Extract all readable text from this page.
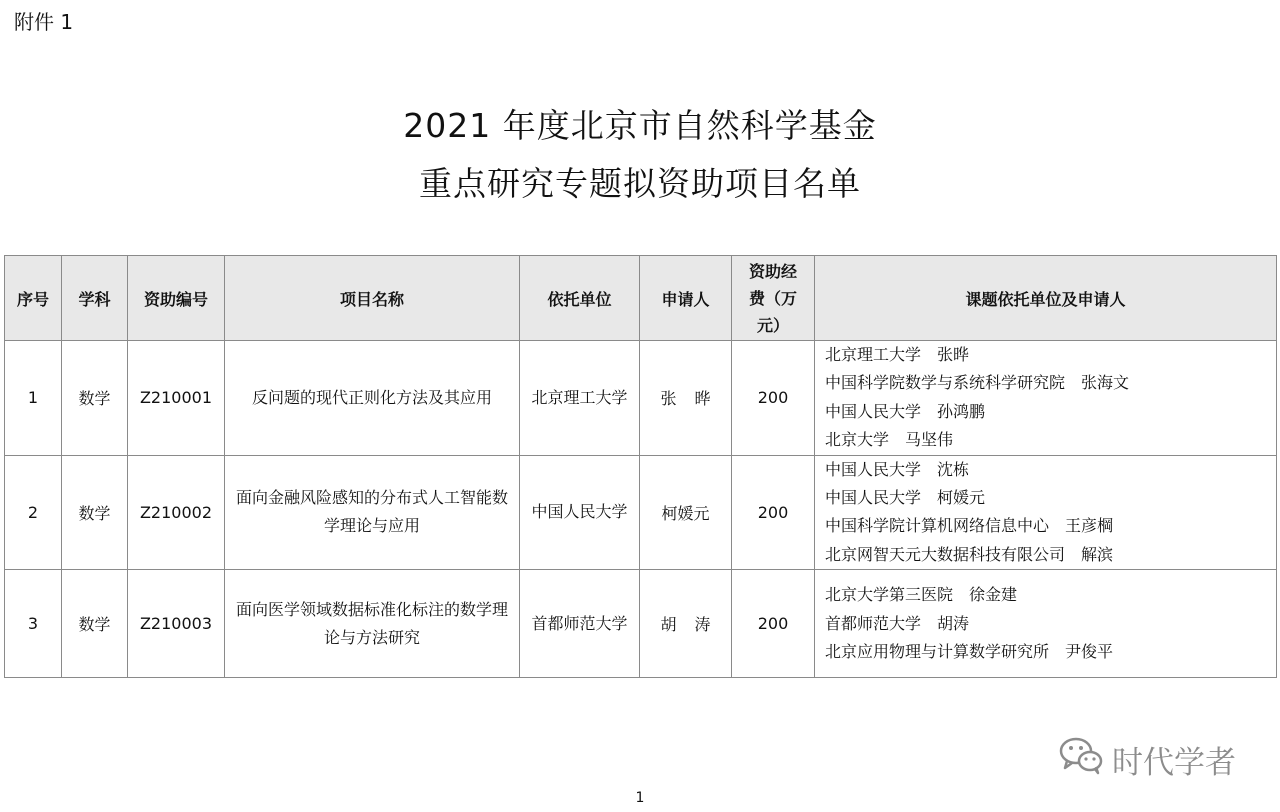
附件 1
2021 年度北京市自然科学基金
重点研究专题拟资助项目名单
序号	学科	资助编号	项目名称	依托单位	申请人	资助经
费（万
元）	课题依托单位及申请人
1	数学	Z210001	反问题的现代正则化方法及其应用	北京理工大学	张晔	200	北京理工大学　张晔
中国科学院数学与系统科学研究院　张海文
中国人民大学　孙鸿鹏
北京大学　马坚伟

2	数学	Z210002	面向金融风险感知的分布式人工智能数学理论与应用	中国人民大学	柯媛元	200	中国人民大学　沈栋
中国人民大学　柯媛元
中国科学院计算机网络信息中心　王彦棡
北京网智天元大数据科技有限公司　解滨

3	数学	Z210003	面向医学领域数据标准化标注的数学理论与方法研究	首都师范大学	胡涛	200	北京大学第三医院　徐金建
首都师范大学　胡涛
北京应用物理与计算数学研究所　尹俊平
时代学者
1
